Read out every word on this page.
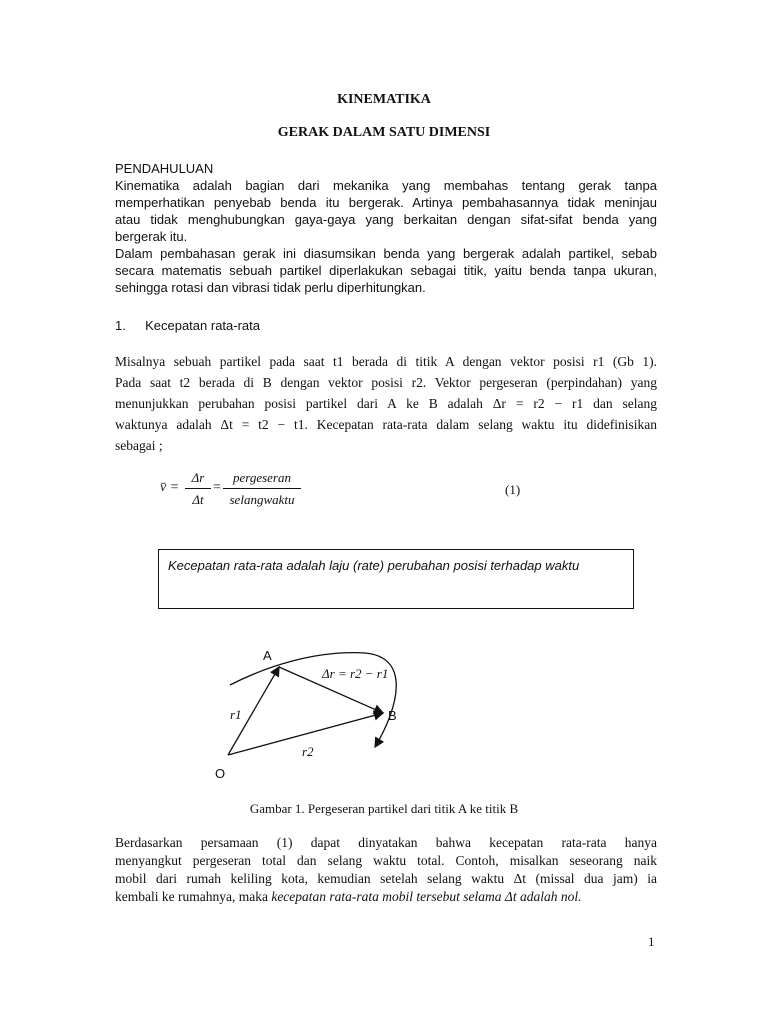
KINEMATIKA
GERAK DALAM SATU DIMENSI
PENDAHULUAN
Kinematika adalah bagian dari mekanika yang membahas tentang gerak tanpa
memperhatikan penyebab benda itu bergerak. Artinya pembahasannya tidak meninjau
atau tidak menghubungkan gaya-gaya yang berkaitan dengan sifat-sifat benda yang
bergerak itu.
Dalam pembahasan gerak ini diasumsikan benda yang bergerak adalah partikel, sebab
secara matematis sebuah partikel diperlakukan sebagai titik, yaitu benda tanpa ukuran,
sehingga rotasi dan vibrasi tidak perlu diperhitungkan.
1. Kecepatan rata-rata
Misalnya sebuah partikel pada saat t1 berada di titik A dengan vektor posisi r1 (Gb 1).
Pada saat t2 berada di B dengan vektor posisi r2. Vektor pergeseran (perpindahan) yang
menunjukkan perubahan posisi partikel dari A ke B adalah Δr = r2 − r1 dan selang
waktunya adalah Δt = t2 − t1. Kecepatan rata-rata dalam selang waktu itu didefinisikan
sebagai ;
v̄ =
Δr
Δt
=
pergeseran
selangwaktu
(1)
Kecepatan rata-rata adalah laju (rate) perubahan posisi terhadap waktu
A
B
O
r1
r2
Δr = r2 − r1
Gambar 1. Pergeseran partikel dari titik A ke titik B
Berdasarkan persamaan (1) dapat dinyatakan bahwa kecepatan rata-rata hanya
menyangkut pergeseran total dan selang waktu total. Contoh, misalkan seseorang naik
mobil dari rumah keliling kota, kemudian setelah selang waktu Δt (missal dua jam) ia
kembali ke rumahnya, maka kecepatan rata-rata mobil tersebut selama Δt adalah nol.
1
